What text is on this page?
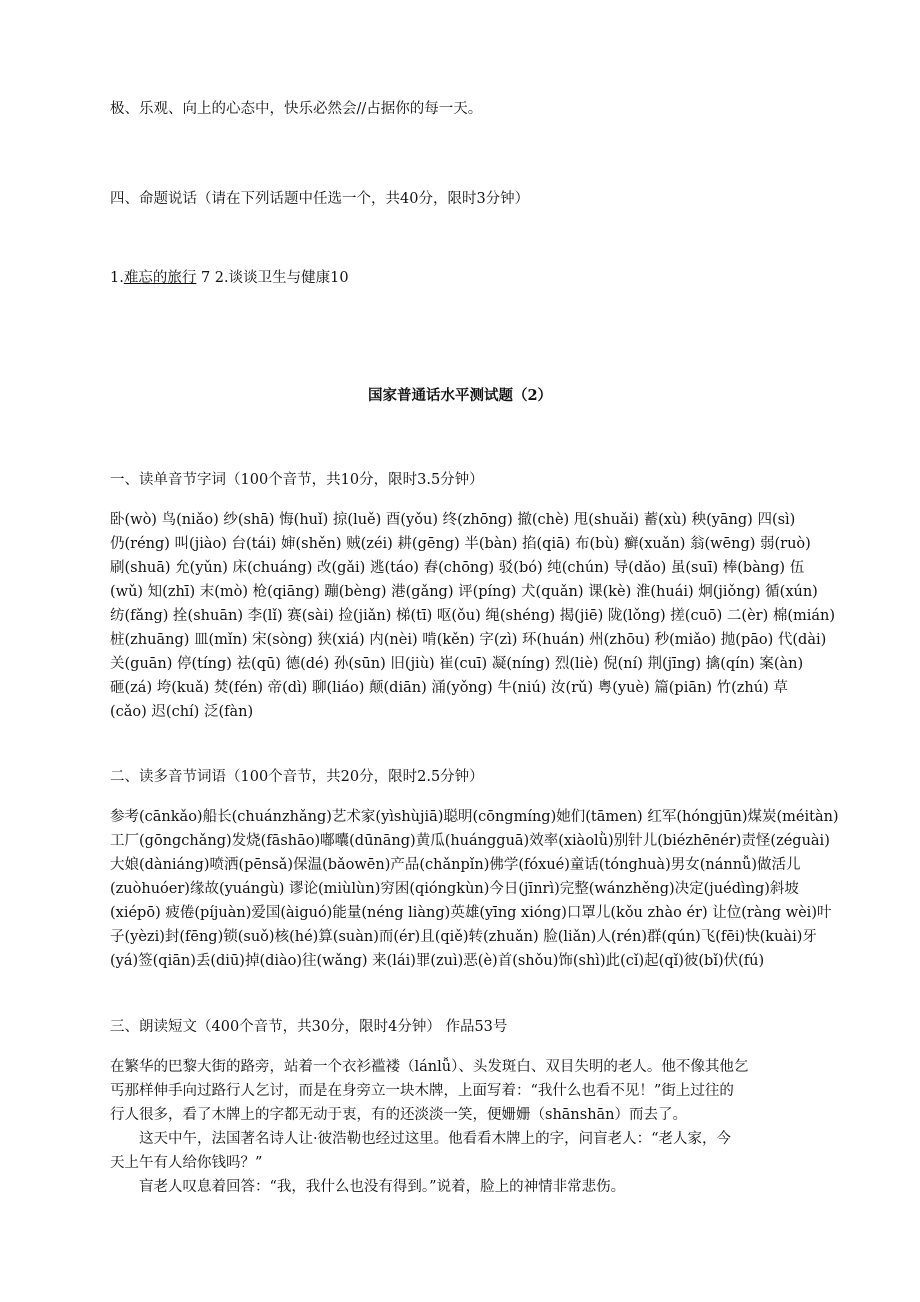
极、乐观、向上的心态中，快乐必然会//占据你的每一天。
四、命题说话（请在下列话题中任选一个，共40分，限时3分钟）
1.难忘的旅行 7 2.谈谈卫生与健康10
国家普通话水平测试题（2）
一、读单音节字词（100个音节，共10分，限时3.5分钟）
卧(wò) 鸟(niǎo) 纱(shā) 悔(huǐ) 掠(luě) 酉(yǒu) 终(zhōng) 撤(chè) 甩(shuǎi) 蓄(xù) 秧(yāng) 四(sì)
仍(réng) 叫(jiào) 台(tái) 婶(shěn) 贼(zéi) 耕(gēng) 半(bàn) 掐(qiā) 布(bù) 癣(xuǎn) 翁(wēng) 弱(ruò)
刷(shuā) 允(yǔn) 床(chuáng) 改(gǎi) 逃(táo) 舂(chōng) 驳(bó) 纯(chún) 导(dǎo) 虽(suī) 棒(bàng) 伍
(wǔ) 知(zhī) 末(mò) 枪(qiāng) 蹦(bèng) 港(gǎng) 评(píng) 犬(quǎn) 课(kè) 淮(huái) 炯(jiǒng) 循(xún)
纺(fǎng) 拴(shuān) 李(lǐ) 赛(sài) 捡(jiǎn) 梯(tī) 呕(ǒu) 绳(shéng) 揭(jiē) 陇(lǒng) 搓(cuō) 二(èr) 棉(mián)
桩(zhuāng) 皿(mǐn) 宋(sòng) 狭(xiá) 内(nèi) 啃(kěn) 字(zì) 环(huán) 州(zhōu) 秒(miǎo) 抛(pāo) 代(dài)
关(guān) 停(tíng) 祛(qū) 德(dé) 孙(sūn) 旧(jiù) 崔(cuī) 凝(níng) 烈(liè) 倪(ní) 荆(jīng) 擒(qín) 案(àn)
砸(zá) 垮(kuǎ) 焚(fén) 帝(dì) 聊(liáo) 颠(diān) 涌(yǒng) 牛(niú) 汝(rǔ) 粤(yuè) 篇(piān) 竹(zhú) 草
(cǎo) 迟(chí) 泛(fàn)
二、读多音节词语（100个音节，共20分，限时2.5分钟）
参考(cānkǎo)船长(chuánzhǎng)艺术家(yìshùjiā)聪明(cōngmíng)她们(tāmen) 红军(hóngjūn)煤炭(méitàn)
工厂(gōngchǎng)发烧(fāshāo)嘟囔(dūnāng)黄瓜(huángguā)效率(xiàolǜ)别针儿(biézhēnér)责怪(zéguài)
大娘(dàniáng)喷洒(pēnsǎ)保温(bǎowēn)产品(chǎnpǐn)佛学(fóxué)童话(tónghuà)男女(nánnǚ)做活儿
(zuòhuóer)缘故(yuángù) 谬论(miùlùn)穷困(qióngkùn)今日(jīnrì)完整(wánzhěng)决定(juédìng)斜坡
(xiépō) 疲倦(píjuàn)爱国(àiguó)能量(néng liàng)英雄(yīng xióng)口罩儿(kǒu zhào ér) 让位(ràng wèi)叶
子(yèzi)封(fēng)锁(suǒ)核(hé)算(suàn)而(ér)且(qiě)转(zhuǎn) 脸(liǎn)人(rén)群(qún)飞(fēi)快(kuài)牙
(yá)签(qiān)丢(diū)掉(diào)往(wǎng) 来(lái)罪(zuì)恶(è)首(shǒu)饰(shì)此(cǐ)起(qǐ)彼(bǐ)伏(fú)
三、朗读短文（400个音节，共30分，限时4分钟） 作品53号
在繁华的巴黎大街的路旁，站着一个衣衫褴褛（lánlǚ）、头发斑白、双目失明的老人。他不像其他乞
丐那样伸手向过路行人乞讨，而是在身旁立一块木牌，上面写着：“我什么也看不见！”街上过往的
行人很多，看了木牌上的字都无动于衷，有的还淡淡一笑，便姗姗（shānshān）而去了。
这天中午，法国著名诗人让·彼浩勒也经过这里。他看看木牌上的字，问盲老人：“老人家，今
天上午有人给你钱吗？”
盲老人叹息着回答：“我，我什么也没有得到。”说着，脸上的神情非常悲伤。
